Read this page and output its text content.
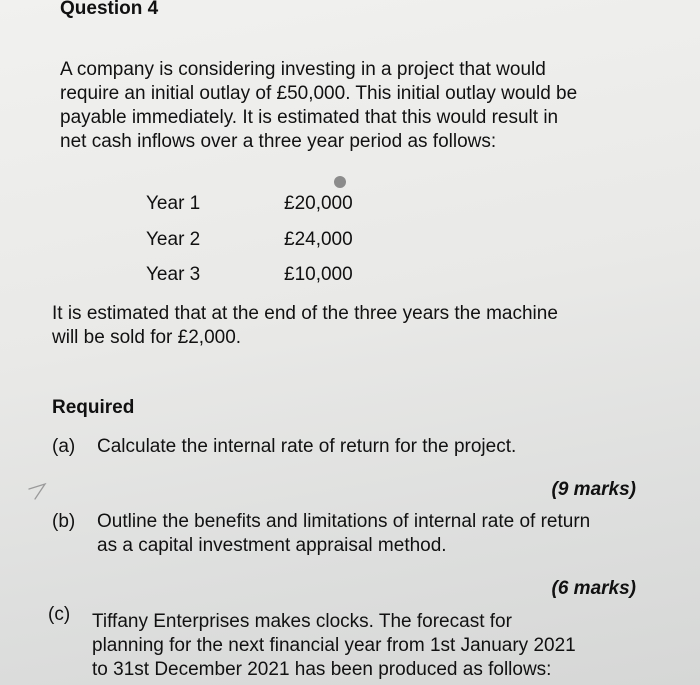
Question 4
A company is considering investing in a project that would
require an initial outlay of £50,000. This initial outlay would be
payable immediately. It is estimated that this would result in
net cash inflows over a three year period as follows:
Year 1	£20,000
Year 2	£24,000
Year 3	£10,000
It is estimated that at the end of the three years the machine
will be sold for £2,000.
Required
(a) Calculate the internal rate of return for the project.
(9 marks)
(b) Outline the benefits and limitations of internal rate of return
as a capital investment appraisal method.
(6 marks)
(c) Tiffany Enterprises makes clocks. The forecast for
planning for the next financial year from 1st January 2021
to 31st December 2021 has been produced as follows:
